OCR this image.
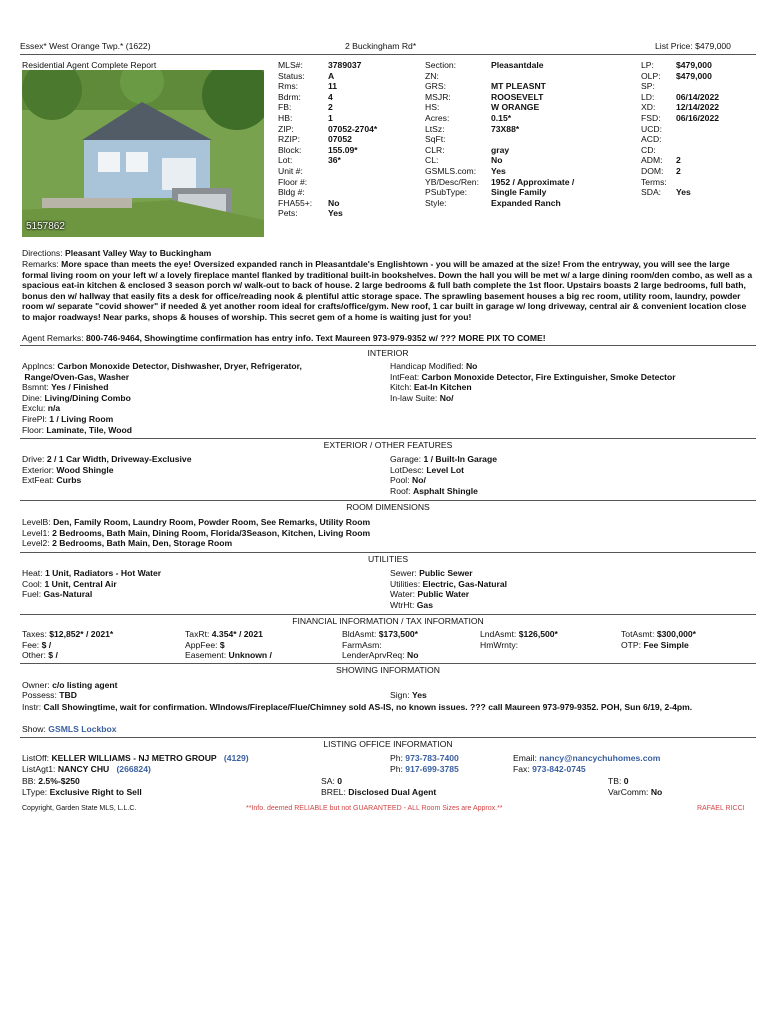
Essex* West Orange Twp.* (1622)	2 Buckingham Rd*	List Price: $479,000
Residential Agent Complete Report
5157862
MLS#:	3789037
Status:	A
Rms:	11
Bdrm:	4
FB:	2
HB:	1
ZIP:	07052-2704*
RZIP:	07052
Block:	155.09*
Lot:	36*
Unit #:
Floor #:
Bldg #:
FHA55+: No
Pets:	Yes
Section:	Pleasantdale
ZN:
GRS:	MT PLEASNT
MSJR:	ROOSEVELT
HS:	W ORANGE
Acres:	0.15*
LtSz:	73X88*
SqFt:
CLR:	gray
CL:	No
GSMLS.com: Yes
YB/Desc/Ren: 1952 / Approximate /
PSubType:	Single Family
Style:	Expanded Ranch
LP:	$479,000
OLP: $479,000
SP:
LD:	06/14/2022
XD: 12/14/2022
FSD: 06/16/2022
UCD:
ACD:
CD:
ADM: 2
DOM: 2
Terms:
SDA: Yes
Directions: Pleasant Valley Way to Buckingham
Remarks: More space than meets the eye! Oversized expanded ranch in Pleasantdale's Englishtown - you will be amazed at the size! From the entryway, you will see the large formal living room on your left w/ a lovely fireplace mantel flanked by traditional built-in bookshelves. Down the hall you will be met w/ a large dining room/den combo, as well as a spacious eat-in kitchen & enclosed 3 season porch w/ walk-out to back of house. 2 large bedrooms & full bath complete the 1st floor. Upstairs boasts 2 large bedrooms, full bath, bonus den w/ hallway that easily fits a desk for office/reading nook & plentiful attic storage space. The sprawling basement houses a big rec room, utility room, laundry, powder room w/ separate "covid shower" if needed & yet another room ideal for crafts/office/gym. New roof, 1 car built in garage w/ long driveway, central air & convenient location close to major roadways! Near parks, shops & houses of worship. This secret gem of a home is waiting just for you!
Agent Remarks: 800-746-9464, Showingtime confirmation has entry info. Text Maureen 973-979-9352 w/ ??? MORE PIX TO COME!
INTERIOR
Applncs: Carbon Monoxide Detector, Dishwasher, Dryer, Refrigerator,
Range/Oven-Gas, Washer
Bsmnt: Yes / Finished
Dine: Living/Dining Combo
Exclu: n/a
FirePl: 1 / Living Room
Floor: Laminate, Tile, Wood
Handicap Modified: No
IntFeat: Carbon Monoxide Detector, Fire Extinguisher, Smoke Detector
Kitch: Eat-In Kitchen
In-law Suite: No/
EXTERIOR / OTHER FEATURES
Drive: 2 / 1 Car Width, Driveway-Exclusive
Exterior: Wood Shingle
ExtFeat: Curbs
Garage: 1 / Built-In Garage
LotDesc: Level Lot
Pool: No/
Roof: Asphalt Shingle
ROOM DIMENSIONS
LevelB: Den, Family Room, Laundry Room, Powder Room, See Remarks, Utility Room
Level1: 2 Bedrooms, Bath Main, Dining Room, Florida/3Season, Kitchen, Living Room
Level2: 2 Bedrooms, Bath Main, Den, Storage Room
UTILITIES
Heat: 1 Unit, Radiators - Hot Water
Cool: 1 Unit, Central Air
Fuel: Gas-Natural
Sewer: Public Sewer
Utilities: Electric, Gas-Natural
Water: Public Water
WtrHt: Gas
FINANCIAL INFORMATION / TAX INFORMATION
Taxes: $12,852* / 2021*
Fee: $ /
Other: $ /
TaxRt: 4.354* / 2021
AppFee: $
Easement: Unknown /
BldAsmt: $173,500*
FarmAsm:
LenderAprvReq: No
LndAsmt: $126,500*
HmWrnty:
TotAsmt: $300,000*
OTP: Fee Simple
SHOWING INFORMATION
Owner: c/o listing agent
Possess: TBD	Sign: Yes
Instr: Call Showingtime, wait for confirmation. WIndows/Fireplace/Flue/Chimney sold AS-IS, no known issues. ??? call Maureen 973-979-9352. POH, Sun 6/19, 2-4pm.
Show: GSMLS Lockbox
LISTING OFFICE INFORMATION
ListOff: KELLER WILLIAMS - NJ METRO GROUP (4129)
ListAgt1: NANCY CHU (266824)
Ph: 973-783-7400
Ph: 917-699-3785
Email: nancy@nancychuhomes.com
Fax: 973-842-0745
BB: 2.5%-$250
LType: Exclusive Right to Sell
SA: 0
BREL: Disclosed Dual Agent
TB: 0
VarComm: No
Copyright, Garden State MLS, L.L.C.	**Info. deemed RELIABLE but not GUARANTEED - ALL Room Sizes are Approx.**	RAFAEL RICCI
